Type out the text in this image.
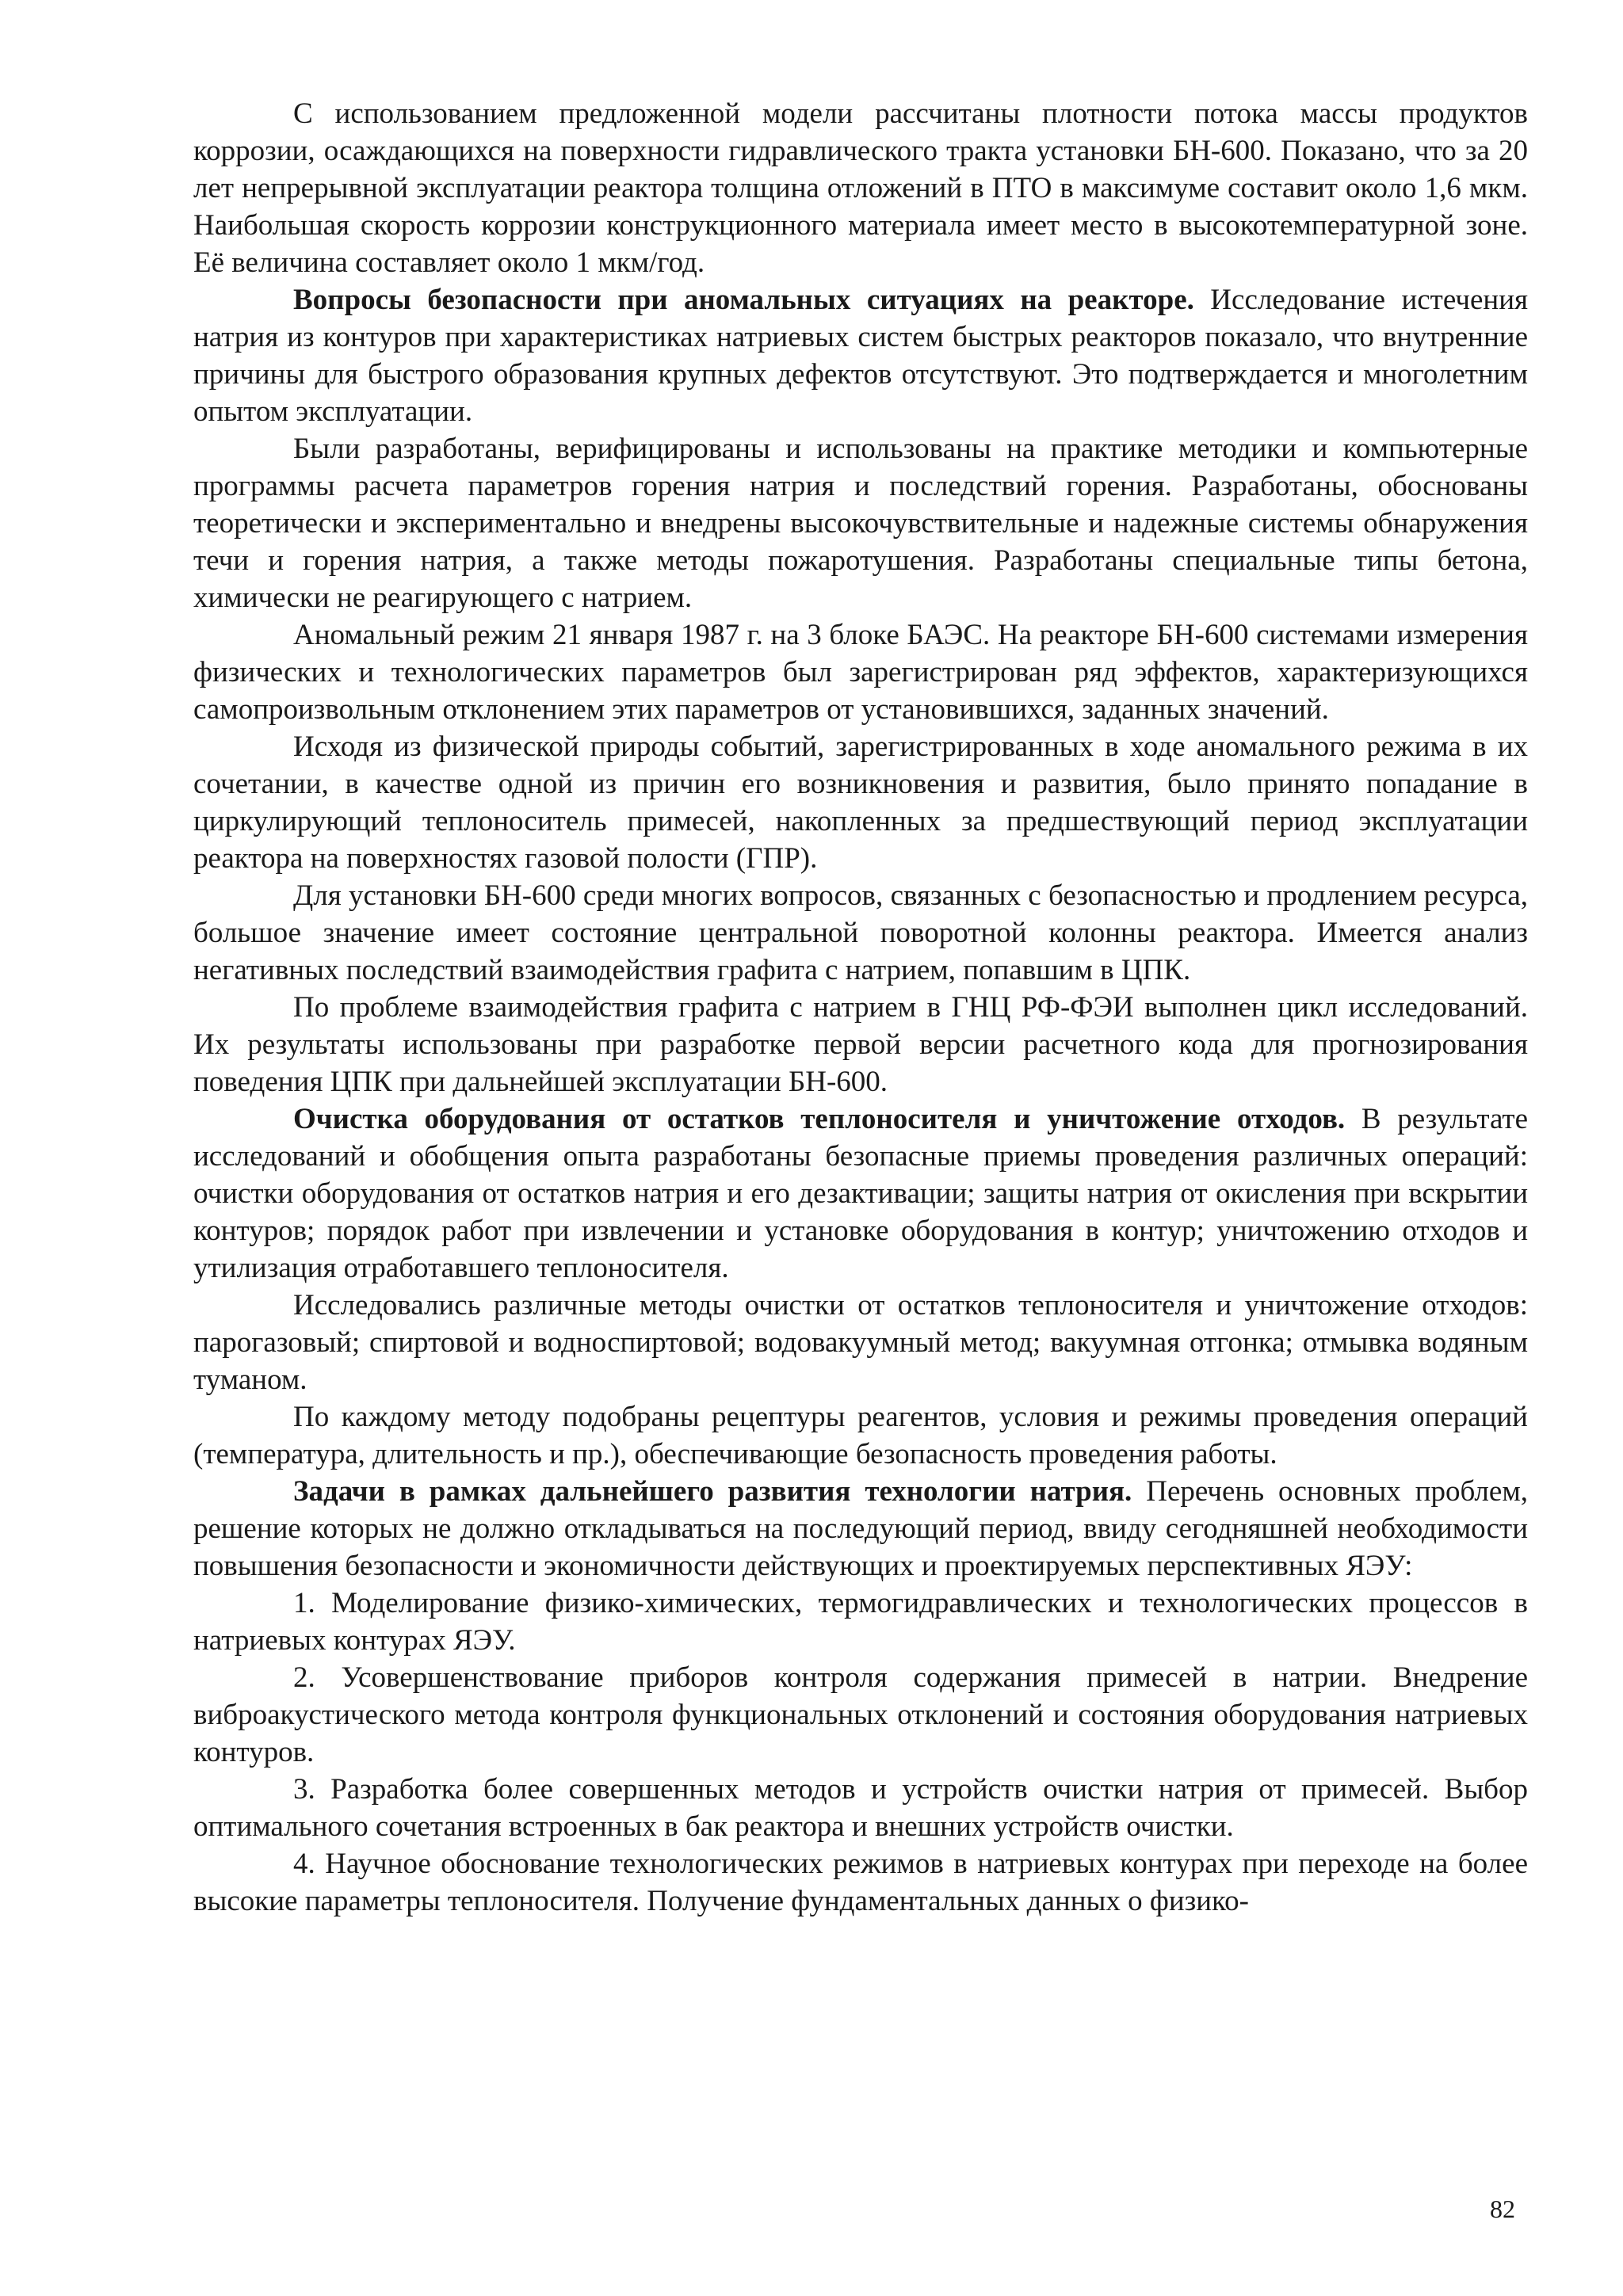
С использованием предложенной модели рассчитаны плотности потока массы продуктов коррозии, осаждающихся на поверхности гидравлического тракта установки БН-600. Показано, что за 20 лет непрерывной эксплуатации реактора толщина отложений в ПТО в максимуме составит около 1,6 мкм. Наибольшая скорость коррозии конструкционного материала имеет место в высокотемпературной зоне. Её величина составляет около 1 мкм/год.

Вопросы безопасности при аномальных ситуациях на реакторе. Исследование истечения натрия из контуров при характеристиках натриевых систем быстрых реакторов показало, что внутренние причины для быстрого образования крупных дефектов отсутствуют. Это подтверждается и многолетним опытом эксплуатации.

Были разработаны, верифицированы и использованы на практике методики и компьютерные программы расчета параметров горения натрия и последствий горения. Разработаны, обоснованы теоретически и экспериментально и внедрены высокочувствительные и надежные системы обнаружения течи и горения натрия, а также методы пожаротушения. Разработаны специальные типы бетона, химически не реагирующего с натрием.

Аномальный режим 21 января 1987 г. на 3 блоке БАЭС. На реакторе БН-600 системами измерения физических и технологических параметров был зарегистрирован ряд эффектов, характеризующихся самопроизвольным отклонением этих параметров от установившихся, заданных значений.

Исходя из физической природы событий, зарегистрированных в ходе аномального режима в их сочетании, в качестве одной из причин его возникновения и развития, было принято попадание в циркулирующий теплоноситель примесей, накопленных за предшествующий период эксплуатации реактора на поверхностях газовой полости (ГПР).

Для установки БН-600 среди многих вопросов, связанных с безопасностью и продлением ресурса, большое значение имеет состояние центральной поворотной колонны реактора. Имеется анализ негативных последствий взаимодействия графита с натрием, попавшим в ЦПК.

По проблеме взаимодействия графита с натрием в ГНЦ РФ-ФЭИ выполнен цикл исследований. Их результаты использованы при разработке первой версии расчетного кода для прогнозирования поведения ЦПК при дальнейшей эксплуатации БН-600.

Очистка оборудования от остатков теплоносителя и уничтожение отходов. В результате исследований и обобщения опыта разработаны безопасные приемы проведения различных операций: очистки оборудования от остатков натрия и его дезактивации; защиты натрия от окисления при вскрытии контуров; порядок работ при извлечении и установке оборудования в контур; уничтожению отходов и утилизация отработавшего теплоносителя.

Исследовались различные методы очистки от остатков теплоносителя и уничтожение отходов: парогазовый; спиртовой и водноспиртовой; водовакуумный метод; вакуумная отгонка; отмывка водяным туманом.

По каждому методу подобраны рецептуры реагентов, условия и режимы проведения операций (температура, длительность и пр.), обеспечивающие безопасность проведения работы.

Задачи в рамках дальнейшего развития технологии натрия. Перечень основных проблем, решение которых не должно откладываться на последующий период, ввиду сегодняшней необходимости повышения безопасности и экономичности действующих и проектируемых перспективных ЯЭУ:

1. Моделирование физико-химических, термогидравлических и технологических процессов в натриевых контурах ЯЭУ.

2. Усовершенствование приборов контроля содержания примесей в натрии. Внедрение виброакустического метода контроля функциональных отклонений и состояния оборудования натриевых контуров.

3. Разработка более совершенных методов и устройств очистки натрия от примесей. Выбор оптимального сочетания встроенных в бак реактора и внешних устройств очистки.

4. Научное обоснование технологических режимов в натриевых контурах при переходе на более высокие параметры теплоносителя. Получение фундаментальных данных о физико-

82
